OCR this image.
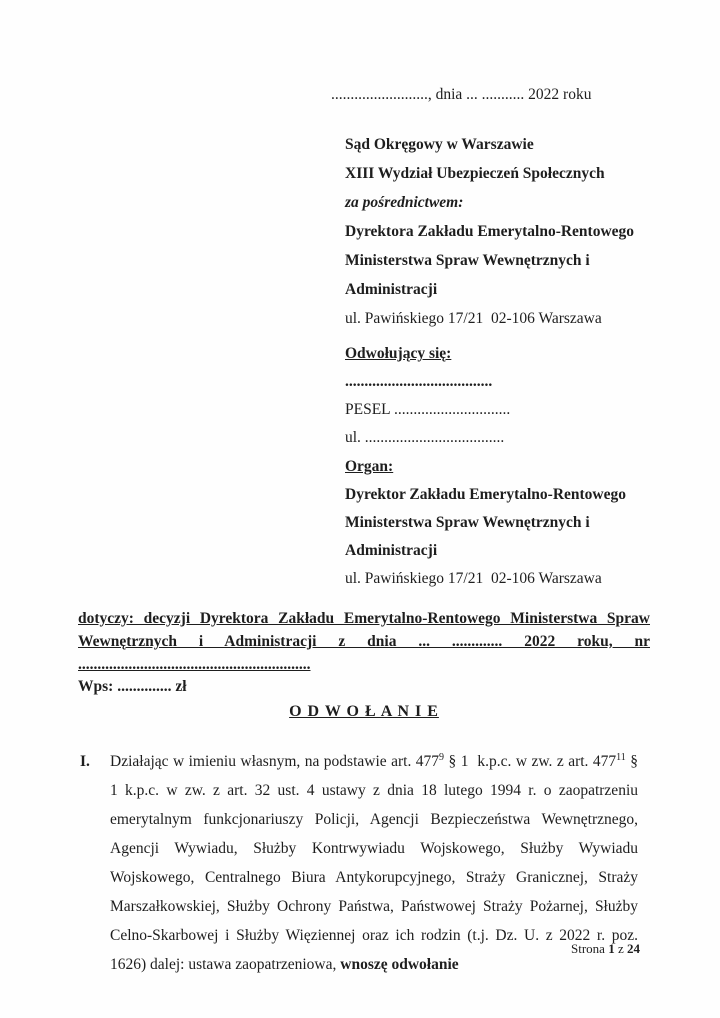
........................., dnia ... ........... 2022 roku
Sąd Okręgowy w Warszawie
XIII Wydział Ubezpieczeń Społecznych
za pośrednictwem:
Dyrektora Zakładu Emerytalno-Rentowego
Ministerstwa Spraw Wewnętrznych i
Administracji
ul. Pawińskiego 17/21  02-106 Warszawa
Odwołujący się:
......................................
PESEL ..............................
ul. ....................................
Organ:
Dyrektor Zakładu Emerytalno-Rentowego
Ministerstwa Spraw Wewnętrznych i
Administracji
ul. Pawińskiego 17/21  02-106 Warszawa

dotyczy: decyzji Dyrektora Zakładu Emerytalno-Rentowego Ministerstwa Spraw Wewnętrznych i Administracji z dnia ... ............. 2022 roku, nr ............................................................

Wps: .............. zł

O D W O Ł A N I E

I. Działając w imieniu własnym, na podstawie art. $477^9$ § 1  k.p.c. w zw. z art. $477^{11}$ § 1 k.p.c. w zw. z art. 32 ust. 4 ustawy z dnia 18 lutego 1994 r. o zaopatrzeniu emerytalnym funkcjonariuszy Policji, Agencji Bezpieczeństwa Wewnętrznego, Agencji Wywiadu, Służby Kontrwywiadu Wojskowego, Służby Wywiadu Wojskowego, Centralnego Biura Antykorupcyjnego, Straży Granicznej, Straży Marszałkowskiej, Służby Ochrony Państwa, Państwowej Straży Pożarnej, Służby Celno-Skarbowej i Służby Więziennej oraz ich rodzin (t.j. Dz. U. z 2022 r. poz. 1626) dalej: ustawa zaopatrzeniowa, wnoszę odwołanie

Strona 1 z 24
